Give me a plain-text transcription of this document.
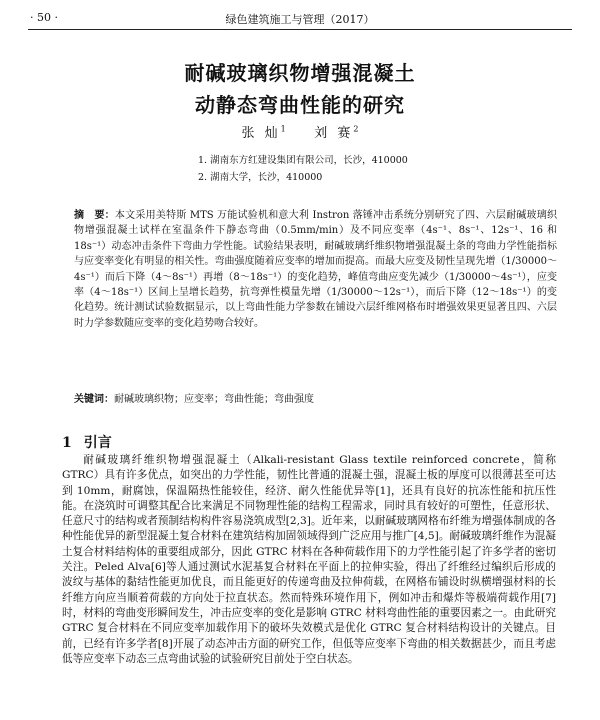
· 50 ·	绿色建筑施工与管理（2017）
耐碱玻璃织物增强混凝土
动静态弯曲性能的研究
张 灿$^1$ 刘 赛$^2$
1. 湖南东方红建设集团有限公司，长沙，410000
2. 湖南大学，长沙，410000
摘　要：本文采用美特斯 MTS 万能试验机和意大利 Instron 落锤冲击系统分别研究了四、六层耐碱玻璃织物增强混凝土试样在室温条件下静态弯曲（0.5mm/min）及不同应变率（4s⁻¹、8s⁻¹、12s⁻¹、16 和 18s⁻¹）动态冲击条件下弯曲力学性能。试验结果表明，耐碱玻璃纤维织物增强混凝土条的弯曲力学性能指标与应变率变化有明显的相关性。弯曲强度随着应变率的增加而提高。而最大应变及韧性呈现先增（1/30000～4s⁻¹）而后下降（4～8s⁻¹）再增（8～18s⁻¹）的变化趋势，峰值弯曲应变先减少（1/30000～4s⁻¹），应变率（4～18s⁻¹）区间上呈增长趋势，抗弯弹性模量先增（1/30000～12s⁻¹），而后下降（12～18s⁻¹）的变化趋势。统计测试试验数据显示，以上弯曲性能力学参数在铺设六层纤维网格布时增强效果更显著且四、六层时力学参数随应变率的变化趋势吻合较好。
关键词：耐碱玻璃织物；应变率；弯曲性能；弯曲强度
1 引言
耐碱玻璃纤维织物增强混凝土（Alkali-resistant Glass textile reinforced concrete，简称GTRC）具有许多优点，如突出的力学性能，韧性比普通的混凝土强，混凝土板的厚度可以很薄甚至可达到 10mm，耐腐蚀，保温隔热性能较佳，经济、耐久性能优异等[1]，还具有良好的抗冻性能和抗压性能。在浇筑时可调整其配合比来满足不同物理性能的结构工程需求，同时具有较好的可塑性，任意形状、任意尺寸的结构或者预制结构构件容易浇筑成型[2,3]。近年来，以耐碱玻璃网格布纤维为增强体制成的各种性能优异的新型混凝土复合材料在建筑结构加固领域得到广泛应用与推广[4,5]。耐碱玻璃纤维作为混凝土复合材料结构体的重要组成部分，因此 GTRC 材料在各种荷载作用下的力学性能引起了许多学者的密切关注。Peled Alva[6]等人通过测试水泥基复合材料在平面上的拉伸实验，得出了纤维经过编织后形成的波纹与基体的黏结性能更加优良，而且能更好的传递弯曲及拉伸荷载，在网格布铺设时纵横增强材料的长纤维方向应当顺着荷载的方向处于拉直状态。然而特殊环境作用下，例如冲击和爆炸等极端荷载作用[7]时，材料的弯曲变形瞬间发生，冲击应变率的变化是影响 GTRC 材料弯曲性能的重要因素之一。由此研究 GTRC 复合材料在不同应变率加载作用下的破坏失效模式是优化 GTRC 复合材料结构设计的关键点。目前，已经有许多学者[8]开展了动态冲击方面的研究工作，但低等应变率下弯曲的相关数据甚少，而且考虑低等应变率下动态三点弯曲试验的试验研究目前处于空白状态。
